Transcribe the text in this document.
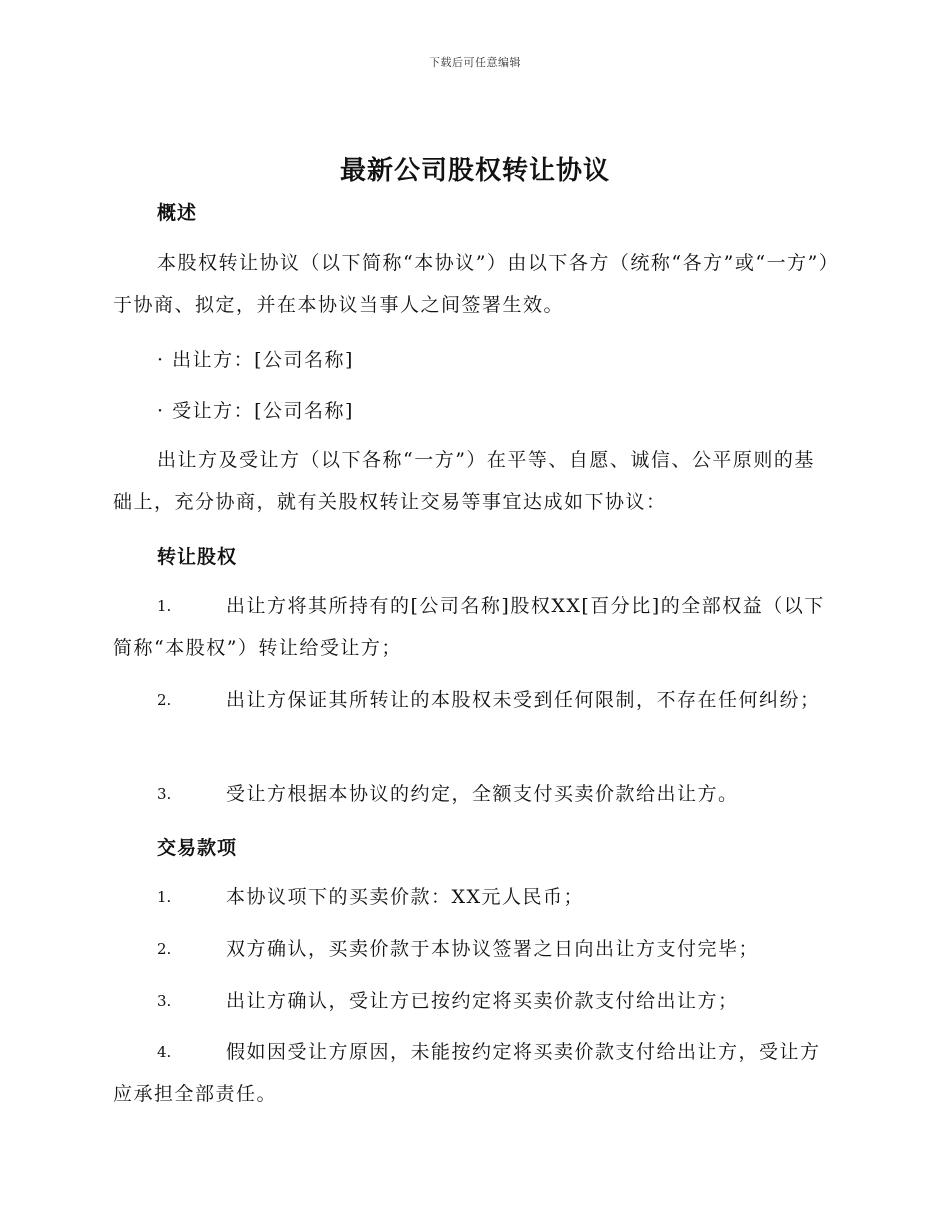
下载后可任意编辑
最新公司股权转让协议
概述

本股权转让协议（以下简称“本协议”）由以下各方（统称“各方”或“一方”）于协商、拟定，并在本协议当事人之间签署生效。

· 出让方：[公司名称]
· 受让方：[公司名称]

出让方及受让方（以下各称“一方”）在平等、自愿、诚信、公平原则的基础上，充分协商，就有关股权转让交易等事宜达成如下协议：

转让股权
1.	出让方将其所持有的[公司名称]股权XX[百分比]的全部权益（以下简称“本股权”）转让给受让方；
2.	出让方保证其所转让的本股权未受到任何限制，不存在任何纠纷；
3.	受让方根据本协议的约定，全额支付买卖价款给出让方。
交易款项
1.	本协议项下的买卖价款：XX元人民币；
2.	双方确认，买卖价款于本协议签署之日向出让方支付完毕；
3.	出让方确认，受让方已按约定将买卖价款支付给出让方；
4.	假如因受让方原因，未能按约定将买卖价款支付给出让方，受让方应承担全部责任。
